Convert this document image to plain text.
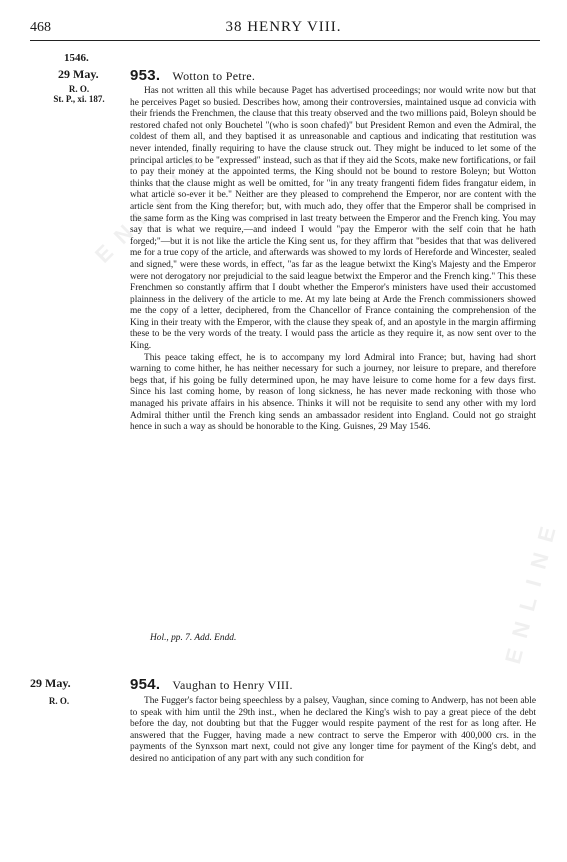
ENLINE
ENLINE
468	38 HENRY VIII.
1546.
29 May.
R. O.
St. P., xi. 187.
953. Wotton to Petre.

Has not written all this while because Paget has advertised proceedings; nor would write now but that he perceives Paget so busied. Describes how, among their controversies, maintained usque ad convicia with their friends the Frenchmen, the clause that this treaty observed and the two millions paid, Boleyn should be restored chafed not only Bouchetel "(who is soon chafed)" but President Remon and even the Admiral, the coldest of them all, and they baptised it as unreasonable and captious and indicating that restitution was never intended, finally requiring to have the clause struck out. They might be induced to let some of the principal articles to be "expressed" instead, such as that if they aid the Scots, make new fortifications, or fail to pay their money at the appointed terms, the King should not be bound to restore Boleyn; but Wotton thinks that the clause might as well be omitted, for "in any treaty frangenti fidem fides frangatur eidem, in what article so-ever it be." Neither are they pleased to comprehend the Emperor, nor are content with the article sent from the King therefor; but, with much ado, they offer that the Emperor shall be comprised in the same form as the King was comprised in last treaty between the Emperor and the French king. You may say that is what we require,—and indeed I would "pay the Emperor with the self coin that he hath forged;"—but it is not like the article the King sent us, for they affirm that "besides that that was delivered me for a true copy of the article, and afterwards was showed to my lords of Hereforde and Wincester, sealed and signed," were these words, in effect, "as far as the league betwixt the King's Majesty and the Emperor were not derogatory nor prejudicial to the said league betwixt the Emperor and the French king." This these Frenchmen so constantly affirm that I doubt whether the Emperor's ministers have used their accustomed plainness in the delivery of the article to me. At my late being at Arde the French commissioners showed me the copy of a letter, deciphered, from the Chancellor of France containing the comprehension of the King in their treaty with the Emperor, with the clause they speak of, and an apostyle in the margin affirming these to be the very words of the treaty. I would pass the article as they require it, as now sent over to the King.

This peace taking effect, he is to accompany my lord Admiral into France; but, having had short warning to come hither, he has neither necessary for such a journey, nor leisure to prepare, and therefore begs that, if his going be fully determined upon, he may have leisure to come home for a few days first. Since his last coming home, by reason of long sickness, he has never made reckoning with those who managed his private affairs in his absence. Thinks it will not be requisite to send any other with my lord Admiral thither until the French king sends an ambassador resident into England. Could not go straight hence in such a way as should be honorable to the King. Guisnes, 29 May 1546.

Hol., pp. 7. Add. Endd.
29 May.
R. O.
954. Vaughan to Henry VIII.

The Fugger's factor being speechless by a palsey, Vaughan, since coming to Andwerp, has not been able to speak with him until the 29th inst., when he declared the King's wish to pay a great piece of the debt before the day, not doubting but that the Fugger would respite payment of the rest for as long after. He answered that the Fugger, having made a new contract to serve the Emperor with 400,000 crs. in the payments of the Synxson mart next, could not give any longer time for payment of the King's debt, and desired no anticipation of any part with any such condition for
